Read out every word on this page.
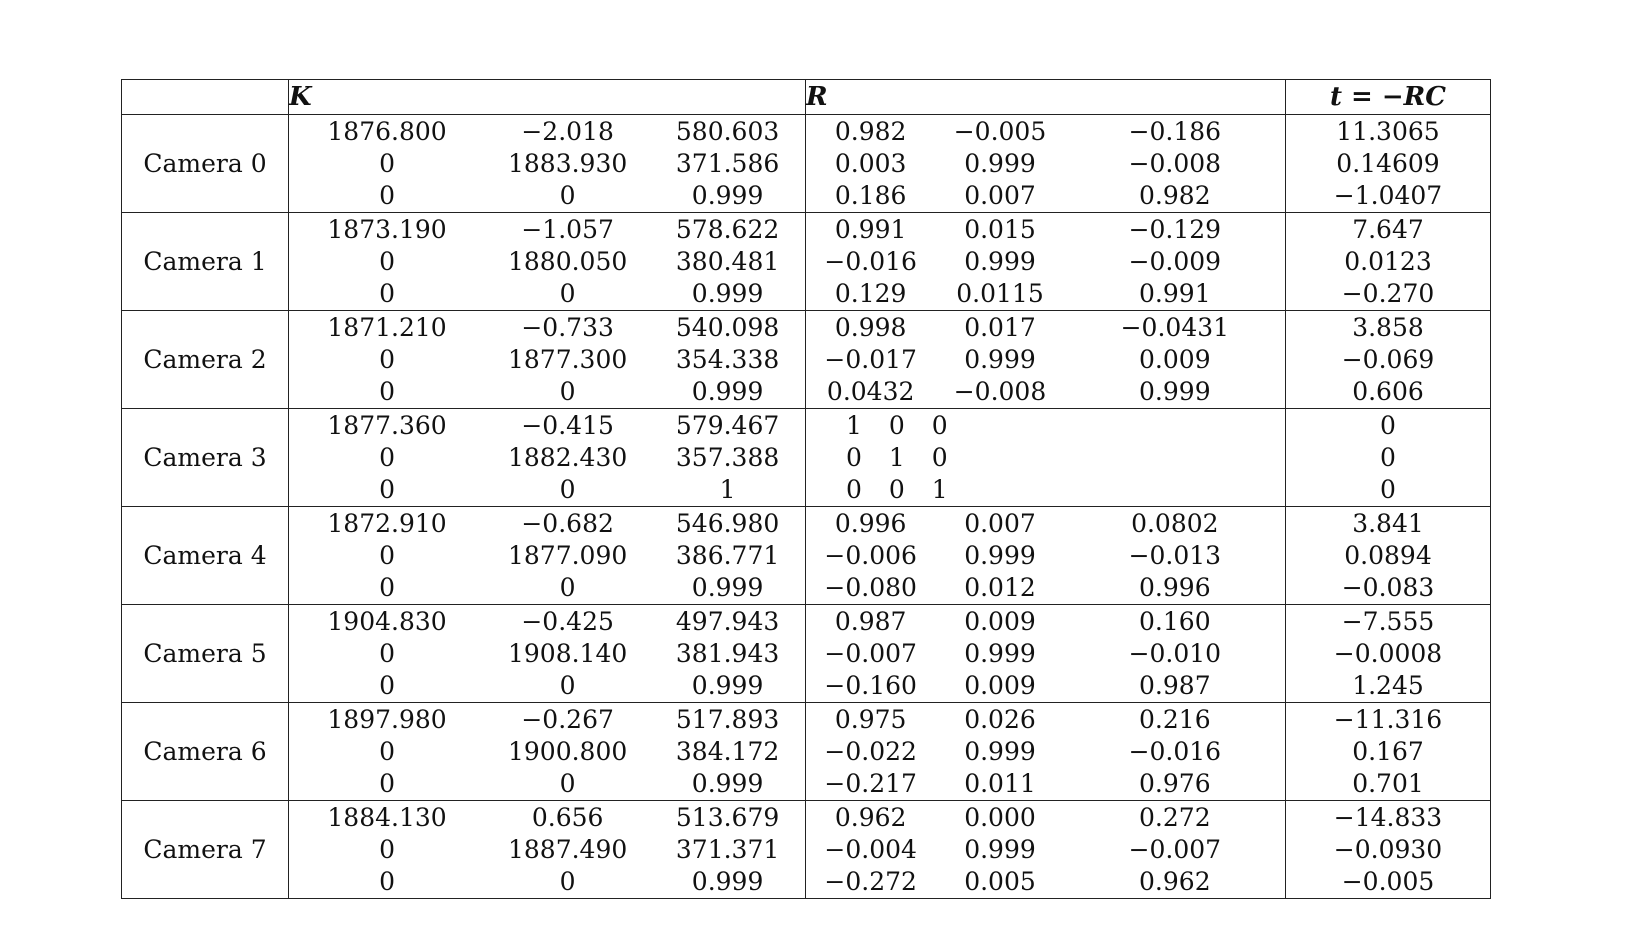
	K	R	t = −RC
Camera 0	
1876.800	−2.018	580.603
0	1883.930	371.586
0	0	0.999

0.982	−0.005	−0.186
0.003	0.999	−0.008
0.186	0.007	0.982

11.3065
0.14609
−1.0407

Camera 1	
1873.190	−1.057	578.622
0	1880.050	380.481
0	0	0.999

0.991	0.015	−0.129
−0.016	0.999	−0.009
0.129	0.0115	0.991

7.647
0.0123
−0.270

Camera 2	
1871.210	−0.733	540.098
0	1877.300	354.338
0	0	0.999

0.998	0.017	−0.0431
−0.017	0.999	0.009
0.0432	−0.008	0.999

3.858
−0.069
0.606

Camera 3	
1877.360	−0.415	579.467
0	1882.430	357.388
0	0	1

1	0	0
0	1	0
0	0	1

0
0
0

Camera 4	
1872.910	−0.682	546.980
0	1877.090	386.771
0	0	0.999

0.996	0.007	0.0802
−0.006	0.999	−0.013
−0.080	0.012	0.996

3.841
0.0894
−0.083

Camera 5	
1904.830	−0.425	497.943
0	1908.140	381.943
0	0	0.999

0.987	0.009	0.160
−0.007	0.999	−0.010
−0.160	0.009	0.987

−7.555
−0.0008
1.245

Camera 6	
1897.980	−0.267	517.893
0	1900.800	384.172
0	0	0.999

0.975	0.026	0.216
−0.022	0.999	−0.016
−0.217	0.011	0.976

−11.316
0.167
0.701

Camera 7	
1884.130	0.656	513.679
0	1887.490	371.371
0	0	0.999

0.962	0.000	0.272
−0.004	0.999	−0.007
−0.272	0.005	0.962

−14.833
−0.0930
−0.005
